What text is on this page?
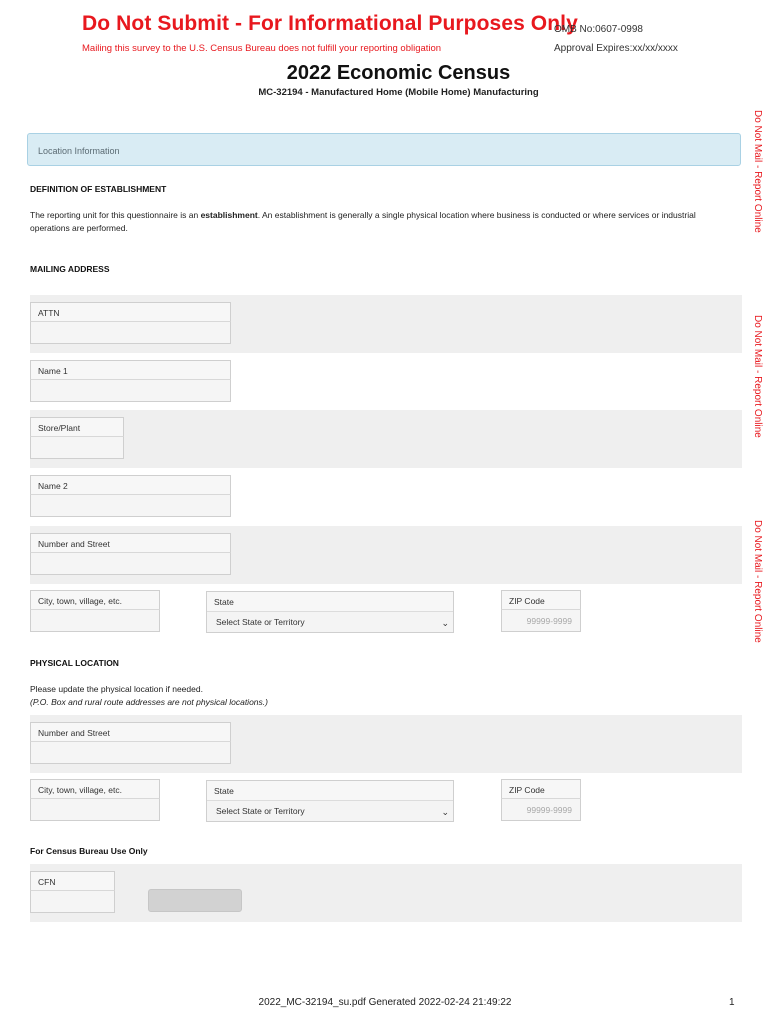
Do Not Submit - For Informational Purposes Only
Mailing this survey to the U.S. Census Bureau does not fulfill your reporting obligation
OMB No:0607-0998
Approval Expires:xx/xx/xxxx
2022 Economic Census
MC-32194 - Manufactured Home (Mobile Home) Manufacturing
Do Not Mail - Report Online
Do Not Mail - Report Online
Do Not Mail - Report Online
Location Information
DEFINITION OF ESTABLISHMENT
The reporting unit for this questionnaire is an establishment. An establishment is generally a single physical location where business is conducted or where services or industrial operations are performed.
MAILING ADDRESS
ATTN
Name 1
Store/Plant
Name 2
Number and Street
City, town, village, etc.	State
Select State or Territory	⌄
ZIP Code
99999-9999
PHYSICAL LOCATION
Please update the physical location if needed.
(P.O. Box and rural route addresses are not physical locations.)
Number and Street
City, town, village, etc.	State
Select State or Territory	⌄
ZIP Code
99999-9999
For Census Bureau Use Only
CFN
2022_MC-32194_su.pdf Generated 2022-02-24 21:49:22	1
